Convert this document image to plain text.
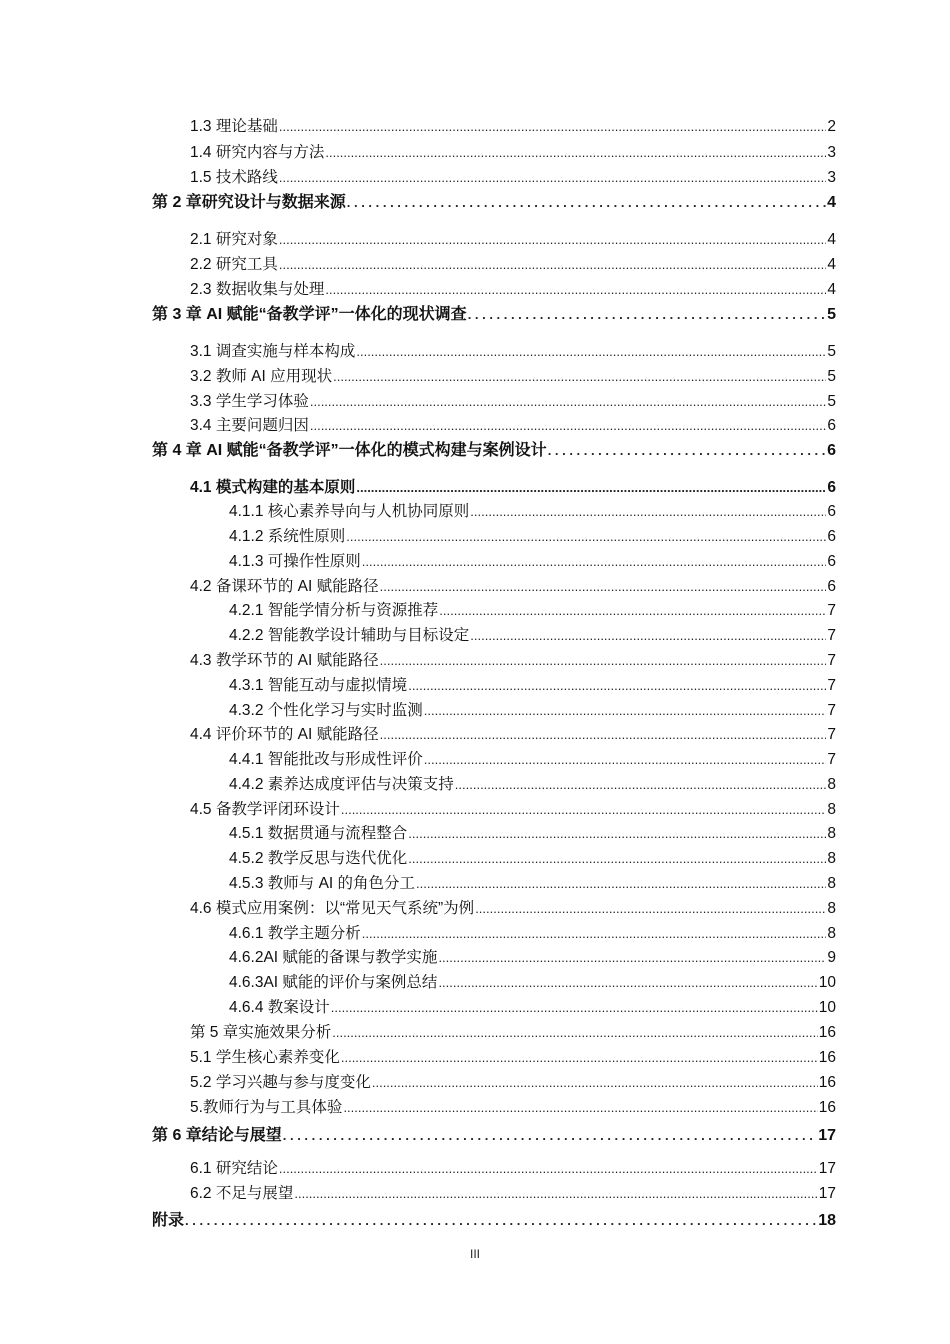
1.3 理论基础 .....	2
1.4 研究内容与方法 .....	3
1.5 技术路线 .....	3
第 2 章研究设计与数据来源 .....	4
2.1 研究对象 .....	4
2.2 研究工具 .....	4
2.3 数据收集与处理 .....	4
第 3 章 AI 赋能“备教学评”一体化的现状调查 .....	5
3.1 调查实施与样本构成 .....	5
3.2 教师 AI 应用现状 .....	5
3.3 学生学习体验 .....	5
3.4 主要问题归因 .....	6
第 4 章 AI 赋能“备教学评”一体化的模式构建与案例设计 .....	6
4.1 模式构建的基本原则 .....	6
4.1.1 核心素养导向与人机协同原则 .....	6
4.1.2 系统性原则 .....	6
4.1.3 可操作性原则 .....	6
4.2 备课环节的 AI 赋能路径 .....	6
4.2.1 智能学情分析与资源推荐 .....	7
4.2.2 智能教学设计辅助与目标设定 .....	7
4.3 教学环节的 AI 赋能路径 .....	7
4.3.1 智能互动与虚拟情境 .....	7
4.3.2 个性化学习与实时监测 .....	7
4.4 评价环节的 AI 赋能路径 .....	7
4.4.1 智能批改与形成性评价 .....	7
4.4.2 素养达成度评估与决策支持 .....	8
4.5 备教学评闭环设计 .....	8
4.5.1 数据贯通与流程整合 .....	8
4.5.2 教学反思与迭代优化 .....	8
4.5.3 教师与 AI 的角色分工 .....	8
4.6 模式应用案例：以“常见天气系统”为例 .....	8
4.6.1 教学主题分析 .....	8
4.6.2AI 赋能的备课与教学实施 .....	9
4.6.3AI 赋能的评价与案例总结 .....	10
4.6.4 教案设计 .....	10
第 5 章实施效果分析 .....	16
5.1 学生核心素养变化 .....	16
5.2 学习兴趣与参与度变化 .....	16
5.教师行为与工具体验 .....	16
第 6 章结论与展望 .....	17
6.1 研究结论 .....	17
6.2 不足与展望 .....	17
附录 .....	18
III
